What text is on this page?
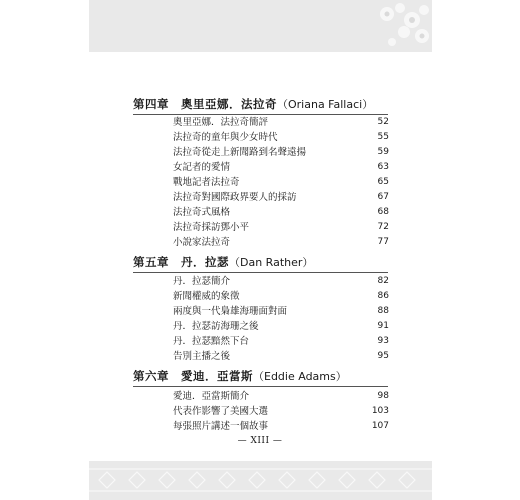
第四章 奧里亞娜．法拉奇（Oriana Fallaci）
奧里亞娜．法拉奇簡評	52
法拉奇的童年與少女時代	55
法拉奇從走上新聞路到名聲遠揚	59
女記者的愛情	63
戰地記者法拉奇	65
法拉奇對國際政界要人的採訪	67
法拉奇式風格	68
法拉奇採訪鄧小平	72
小說家法拉奇	77
第五章 丹．拉瑟（Dan Rather）
丹．拉瑟簡介	82
新聞權威的象徵	86
兩度與一代梟雄海珊面對面	88
丹．拉瑟訪海珊之後	91
丹．拉瑟黯然下台	93
告別主播之後	95
第六章 愛迪．亞當斯（Eddie Adams）
愛迪．亞當斯簡介	98
代表作影響了美國大選	103
每張照片講述一個故事	107
— XIII —
